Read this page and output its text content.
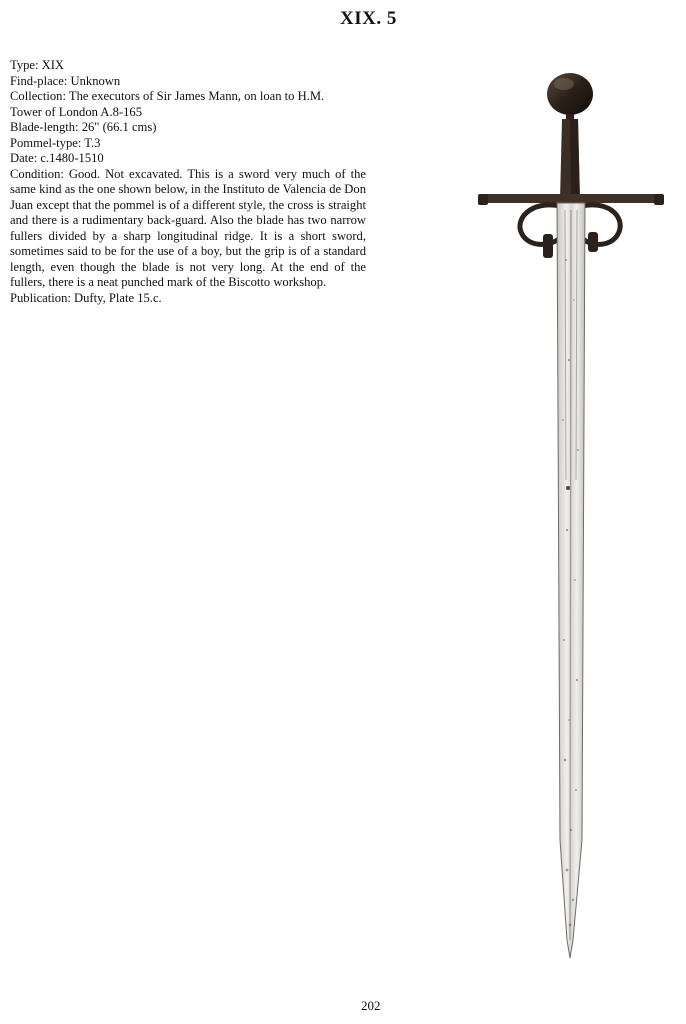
XIX. 5
Type: XIX
Find-place: Unknown
Collection: The executors of Sir James Mann, on loan to H.M.
Tower of London A.8-165
Blade-length: 26" (66.1 cms)
Pommel-type: T.3
Date: c.1480-1510
Condition: Good. Not excavated. This is a sword very much of the same kind as the one shown below, in the Instituto de Valencia de Don Juan except that the pommel is of a different style, the cross is straight and there is a rudimentary back-guard. Also the blade has two narrow fullers divided by a sharp longitudinal ridge. It is a short sword, sometimes said to be for the use of a boy, but the grip is of a standard length, even though the blade is not very long. At the end of the fullers, there is a neat punched mark of the Biscotto workshop.
Publication: Dufty, Plate 15.c.
202
